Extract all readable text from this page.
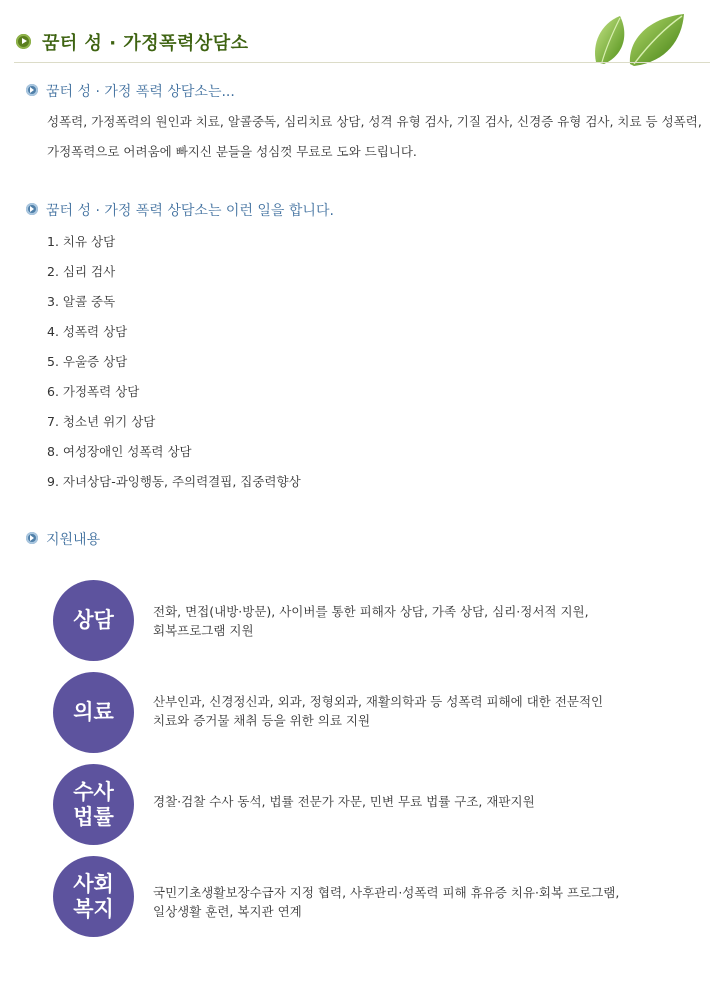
꿈터 성 · 가정폭력상담소
꿈터 성 · 가정 폭력 상담소는...
성폭력, 가정폭력의 원인과 치료, 알콜중독, 심리치료 상담, 성격 유형 검사, 기질 검사, 신경증 유형 검사, 치료 등 성폭력,
가정폭력으로 어려움에 빠지신 분들을 성심껏 무료로 도와 드립니다.
꿈터 성 · 가정 폭력 상담소는 이런 일을 합니다.
1. 치유 상담
2. 심리 검사
3. 알콜 중독
4. 성폭력 상담
5. 우울증 상담
6. 가정폭력 상담
7. 청소년 위기 상담
8. 여성장애인 성폭력 상담
9. 자녀상담-과잉행동, 주의력결핍, 집중력향상
지원내용
상담	전화, 면접(내방·방문), 사이버를 통한 피해자 상담, 가족 상담, 심리·정서적 지원,
회복프로그램 지원
의료	산부인과, 신경정신과, 외과, 정형외과, 재활의학과 등 성폭력 피해에 대한 전문적인
치료와 증거물 채취 등을 위한 의료 지원
수사
법률
경찰·검찰 수사 동석, 법률 전문가 자문, 민변 무료 법률 구조, 재판지원
사회
복지
국민기초생활보장수급자 지정 협력, 사후관리·성폭력 피해 휴유증 치유·회복 프로그램,
일상생활 훈련, 복지관 연계
